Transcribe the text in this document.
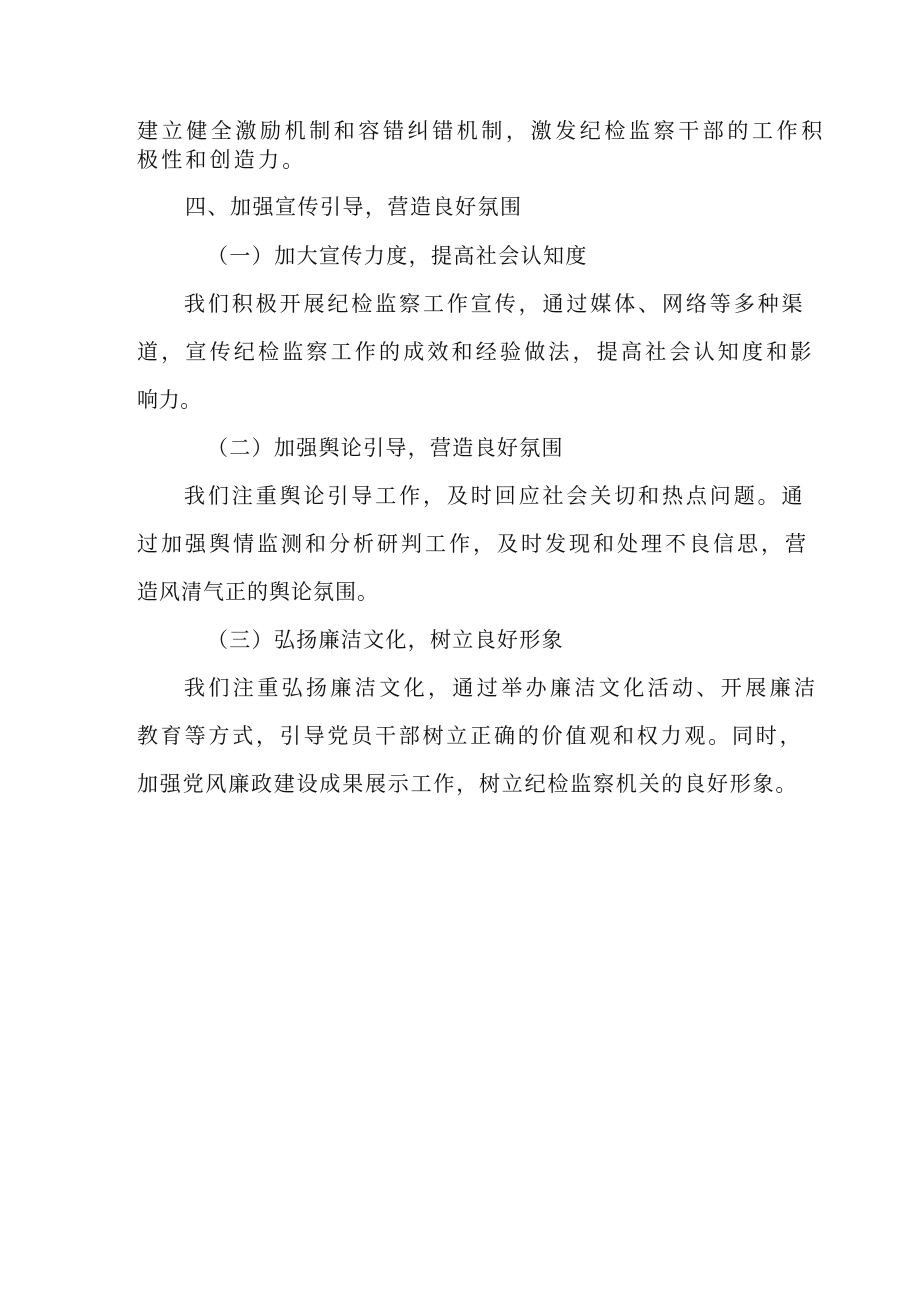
建立健全激励机制和容错纠错机制，激发纪检监察干部的工作积
极性和创造力。
四、加强宣传引导，营造良好氛围
（一）加大宣传力度，提高社会认知度
我们积极开展纪检监察工作宣传，通过媒体、网络等多种渠
道，宣传纪检监察工作的成效和经验做法，提高社会认知度和影
响力。
（二）加强舆论引导，营造良好氛围
我们注重舆论引导工作，及时回应社会关切和热点问题。通
过加强舆情监测和分析研判工作，及时发现和处理不良信思，营
造风清气正的舆论氛围。
（三）弘扬廉洁文化，树立良好形象
我们注重弘扬廉洁文化，通过举办廉洁文化活动、开展廉洁
教育等方式，引导党员干部树立正确的价值观和权力观。同时，
加强党风廉政建设成果展示工作，树立纪检监察机关的良好形象。
